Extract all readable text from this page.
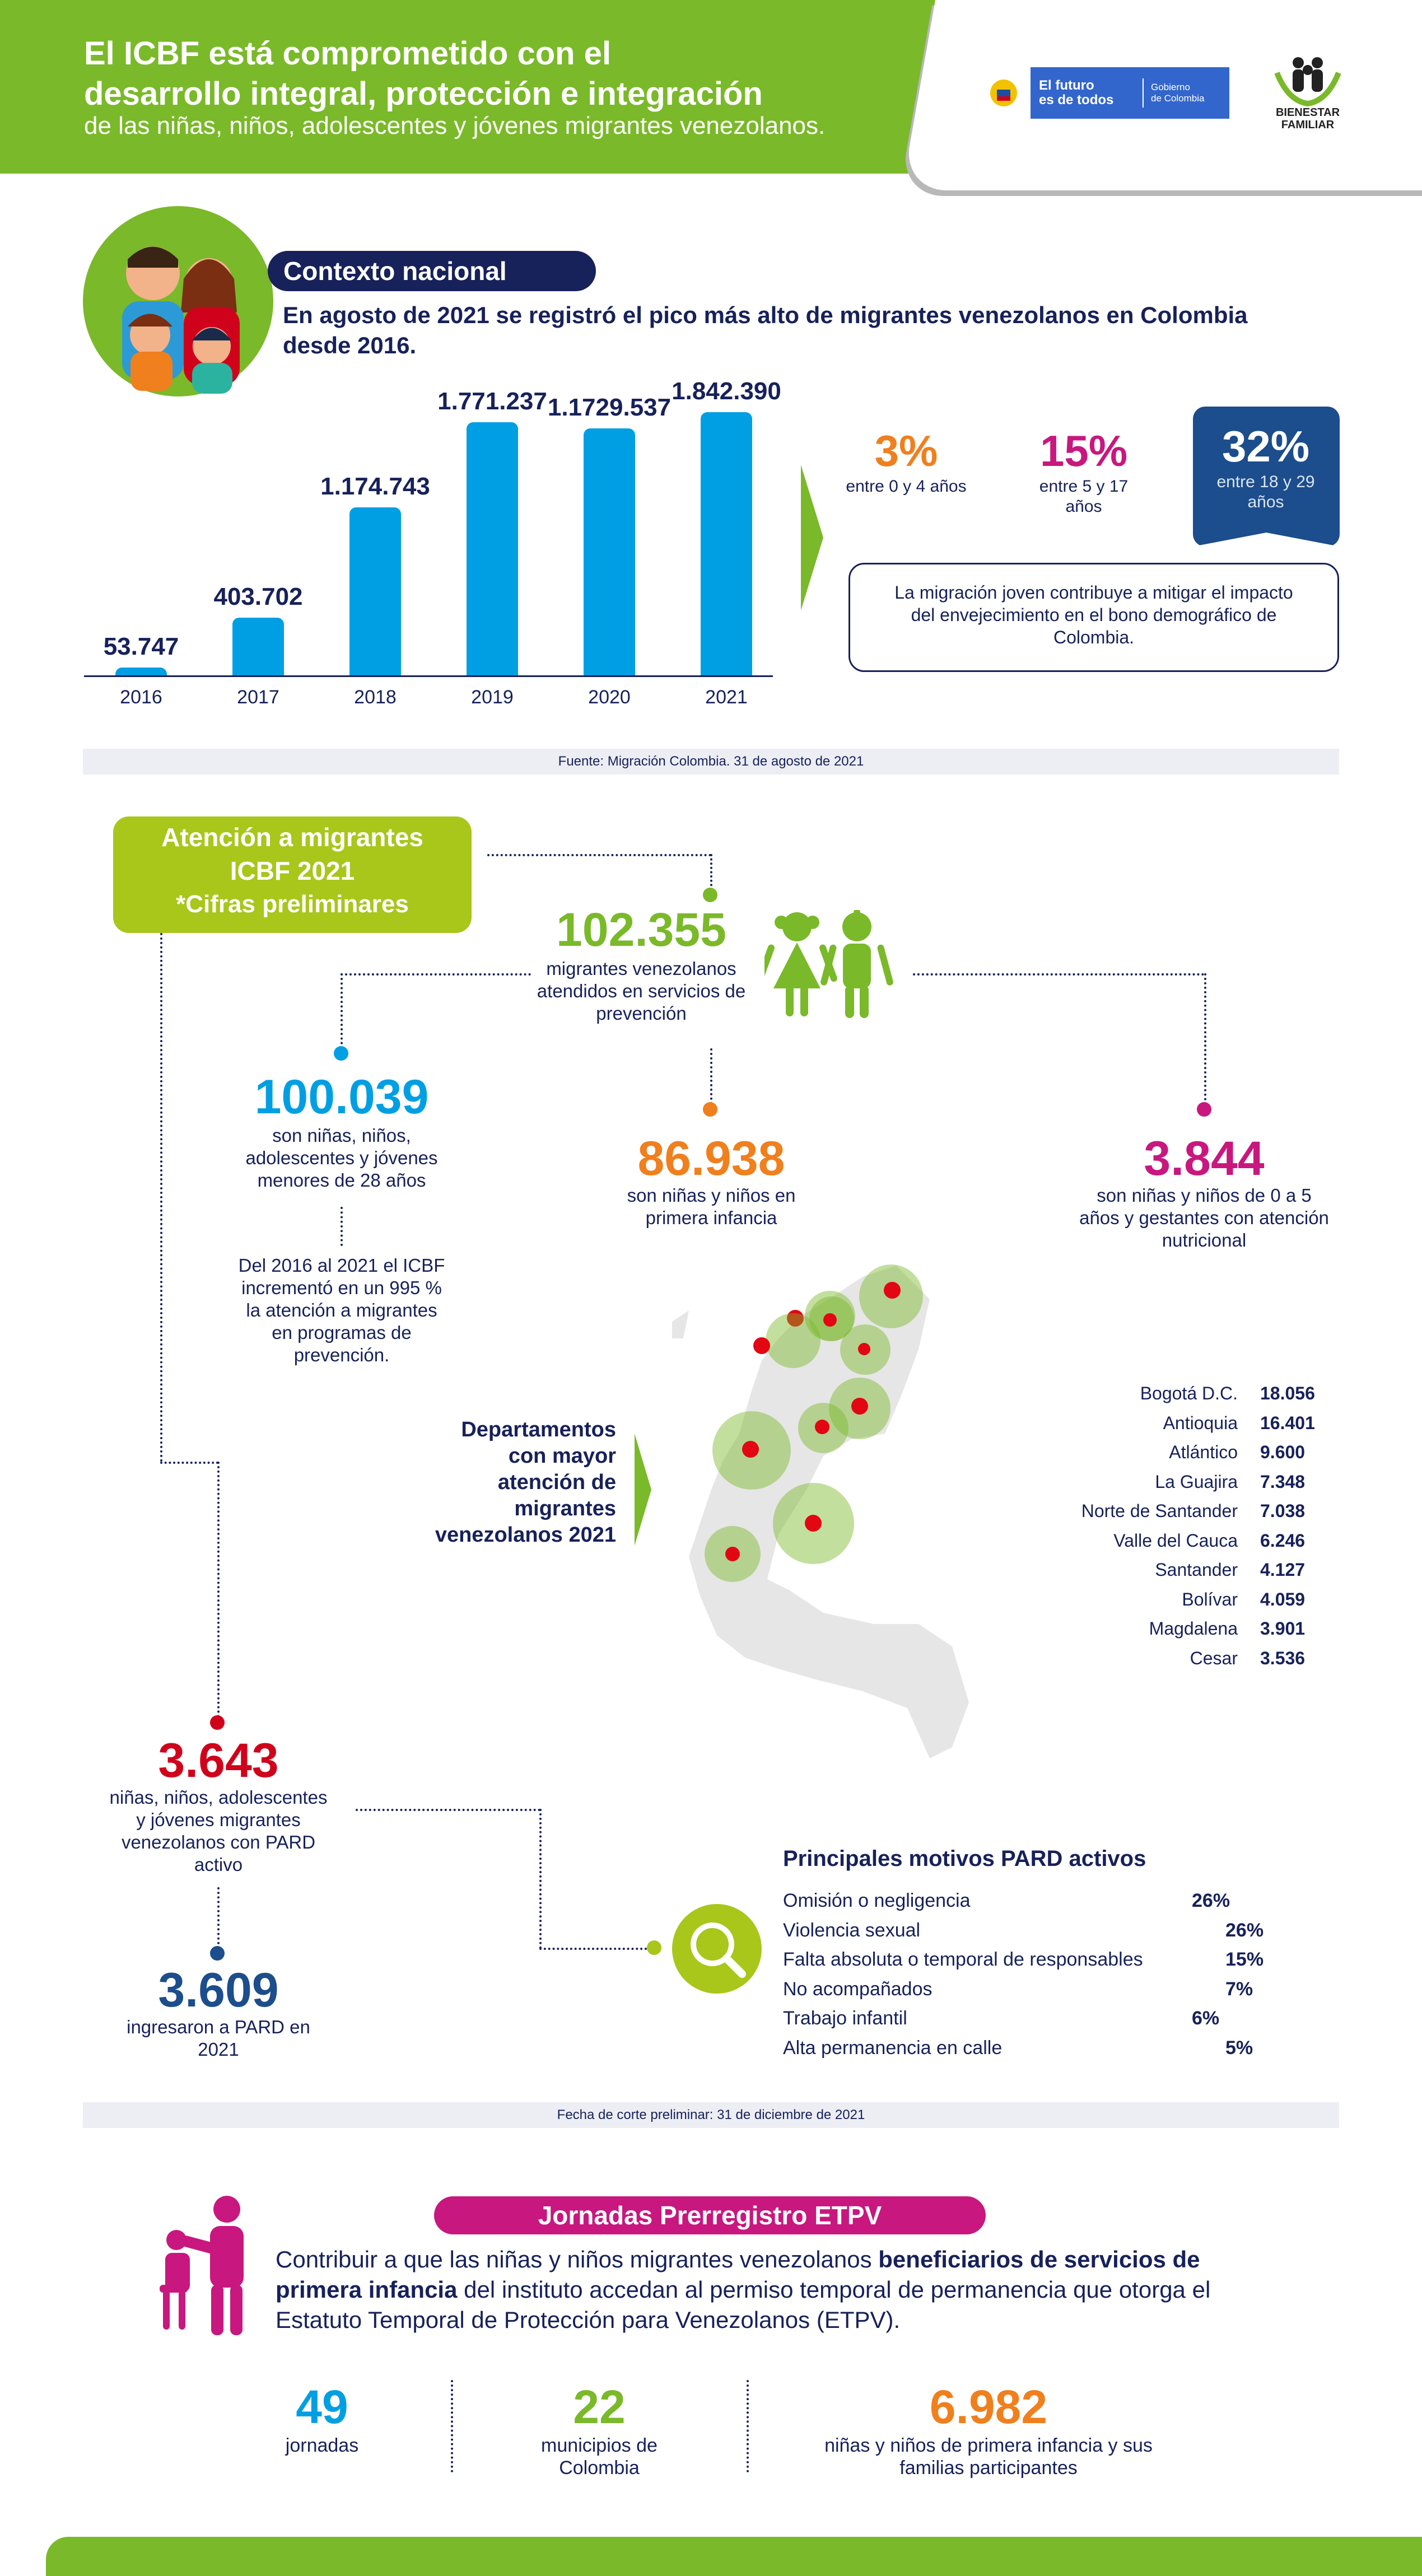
El ICBF está comprometido con el
desarrollo integral, protección e integración
de las niñas, niños, adolescentes y jóvenes migrantes venezolanos.
El futuro
es de todos
Gobierno
de Colombia
BIENESTAR
FAMILIAR
Contexto nacional
En agosto de 2021 se registró el pico más alto de migrantes venezolanos en Colombia desde 2016.
53.747
2016
403.702
2017
1.174.743
2018
1.771.237
2019
1.1729.537
2020
1.842.390
2021
3%
entre 0 y 4 años
15%
entre 5 y 17 años
32%
entre 18 y 29 años
La migración joven contribuye a mitigar el impacto del envejecimiento en el bono demográfico de Colombia.
Fuente: Migración Colombia. 31 de agosto de 2021
Atención a migrantes
ICBF 2021
*Cifras preliminares	102.355
migrantes venezolanos atendidos en servicios de prevención
100.039
son niñas, niños, adolescentes y jóvenes menores de 28 años
Del 2016 al 2021 el ICBF incrementó en un 995 % la atención a migrantes en programas de prevención.
86.938
son niñas y niños en primera infancia
3.844
son niñas y niños de 0 a 5 años y gestantes con atención nutricional
Departamentos con mayor atención de migrantes venezolanos 2021
Bogotá D.C. 18.056
Antioquia 16.401
Atlántico 9.600
La Guajira 7.348
Norte de Santander 7.038
Valle del Cauca 6.246
Santander 4.127
Bolívar 4.059
Magdalena 3.901
Cesar 3.536
3.643
niñas, niños, adolescentes y jóvenes migrantes venezolanos con PARD activo
3.609
ingresaron a PARD en 2021
Principales motivos PARD activos
Omisión o negligencia	26%
Violencia sexual	26%
Falta absoluta o temporal de responsables	15%
No acompañados	7%
Trabajo infantil	6%
Alta permanencia en calle	5%
Fecha de corte preliminar: 31 de diciembre de 2021
Jornadas Prerregistro ETPV
Contribuir a que las niñas y niños migrantes venezolanos beneficiarios de servicios de primera infancia del instituto accedan al permiso temporal de permanencia que otorga el Estatuto Temporal de Protección para Venezolanos (ETPV).
49
jornadas
22
municipios de Colombia
6.982
niñas y niños de primera infancia y sus familias participantes
